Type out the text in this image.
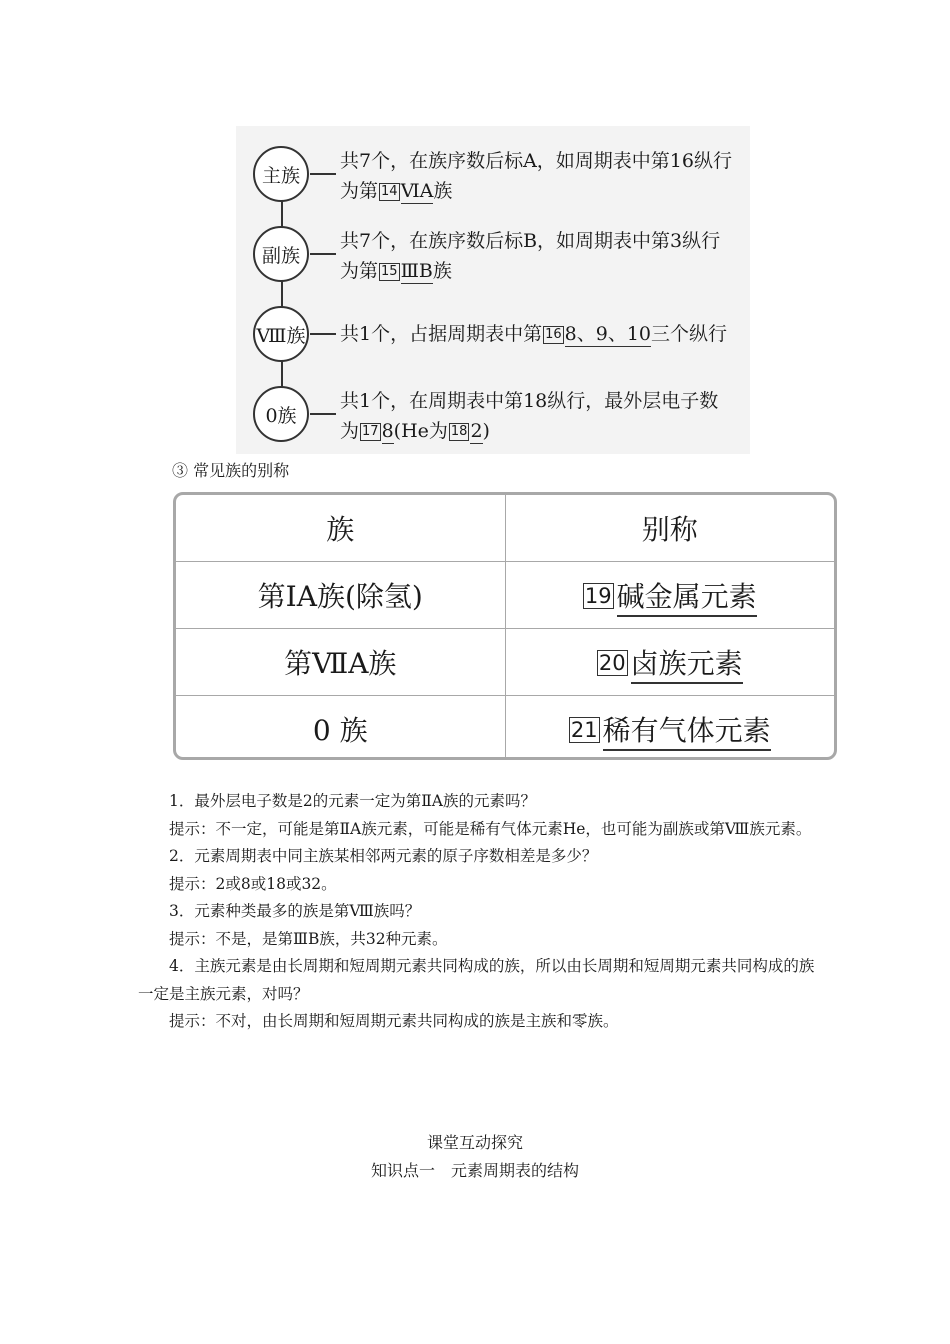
主族
共7个，在族序数后标A，如周期表中第16纵行
为第 14 ⅥA族
副族
共7个，在族序数后标B，如周期表中第3纵行
为第 15 ⅢB族
Ⅷ族 共1个，占据周期表中第 16 8、9、10三个纵行
0族
共1个，在周期表中第18纵行，最外层电子数
为 17 8(He为 18 2)
③ 常见族的别称
族	别称
第ⅠA族(除氢)	19 碱金属元素
第ⅦA族	20 卤族元素
0 族	21 稀有气体元素

1．最外层电子数是2的元素一定为第ⅡA族的元素吗？

提示：不一定，可能是第ⅡA族元素，可能是稀有气体元素He，也可能为副族或第Ⅷ族元素。

2．元素周期表中同主族某相邻两元素的原子序数相差是多少？

提示：2或8或18或32。

3．元素种类最多的族是第Ⅷ族吗？

提示：不是，是第ⅢB族，共32种元素。

4．主族元素是由长周期和短周期元素共同构成的族，所以由长周期和短周期元素共同构成的族一定是主族元素，对吗？

提示：不对，由长周期和短周期元素共同构成的族是主族和零族。

课堂互动探究
知识点一　元素周期表的结构
